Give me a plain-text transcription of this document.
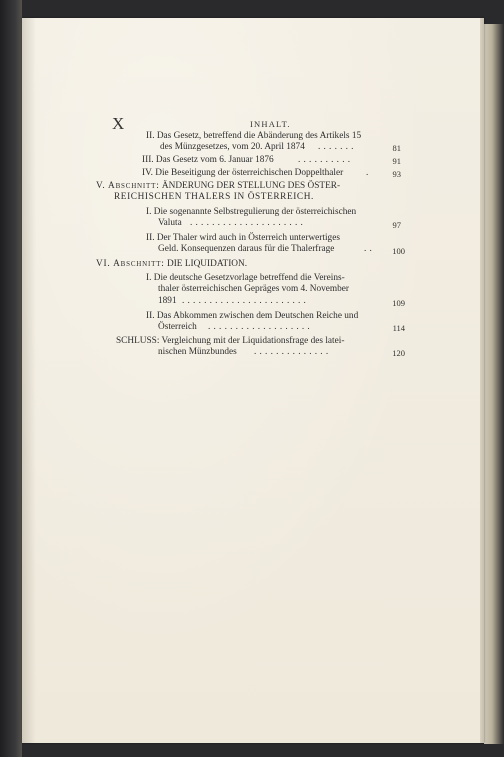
X	INHALT.
II. Das Gesetz, betreffend die Abänderung des Artikels 15
des Münzgesetzes, vom 20. April 1874 .......	81
III. Das Gesetz vom 6. Januar 1876	..........	91
IV. Die Beseitigung der österreichischen Doppelthaler .	93
V. Abschnitt: ÄNDERUNG DER STELLUNG DES ÖSTER-
REICHISCHEN THALERS IN ÖSTERREICH.
I. Die sogenannte Selbstregulierung der österreichischen
Valuta .....................	97
II. Der Thaler wird auch in Österreich unterwertiges
Geld. Konsequenzen daraus für die Thalerfrage	..	100
VI. Abschnitt: DIE LIQUIDATION.
I. Die deutsche Gesetzvorlage betreffend die Vereins-
thaler österreichischen Gepräges vom 4. November
1891 .......................	109
II. Das Abkommen zwischen dem Deutschen Reiche und
Österreich ...................	114
SCHLUSS: Vergleichung mit der Liquidationsfrage des latei-
nischen Münzbundes ..............	120
